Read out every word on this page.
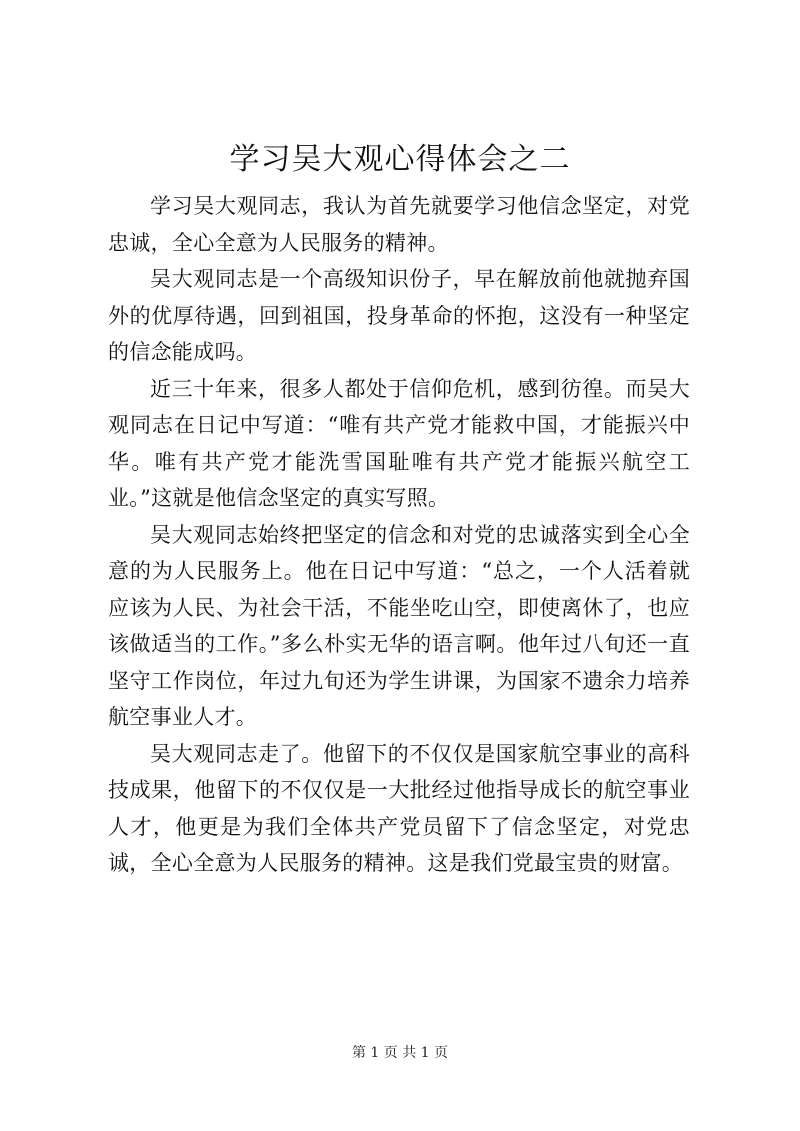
学习吴大观心得体会之二

学习吴大观同志，我认为首先就要学习他信念坚定，对党忠诚，全心全意为人民服务的精神。

吴大观同志是一个高级知识份子，早在解放前他就抛弃国外的优厚待遇，回到祖国，投身革命的怀抱，这没有一种坚定的信念能成吗。

近三十年来，很多人都处于信仰危机，感到彷徨。而吴大观同志在日记中写道：“唯有共产党才能救中国，才能振兴中华。唯有共产党才能洗雪国耻唯有共产党才能振兴航空工业。”这就是他信念坚定的真实写照。

吴大观同志始终把坚定的信念和对党的忠诚落实到全心全意的为人民服务上。他在日记中写道：“总之，一个人活着就应该为人民、为社会干活，不能坐吃山空，即使离休了，也应该做适当的工作。”多么朴实无华的语言啊。他年过八旬还一直坚守工作岗位，年过九旬还为学生讲课，为国家不遗余力培养航空事业人才。

吴大观同志走了。他留下的不仅仅是国家航空事业的高科技成果，他留下的不仅仅是一大批经过他指导成长的航空事业人才，他更是为我们全体共产党员留下了信念坚定，对党忠诚，全心全意为人民服务的精神。这是我们党最宝贵的财富。

第 1 页 共 1 页
